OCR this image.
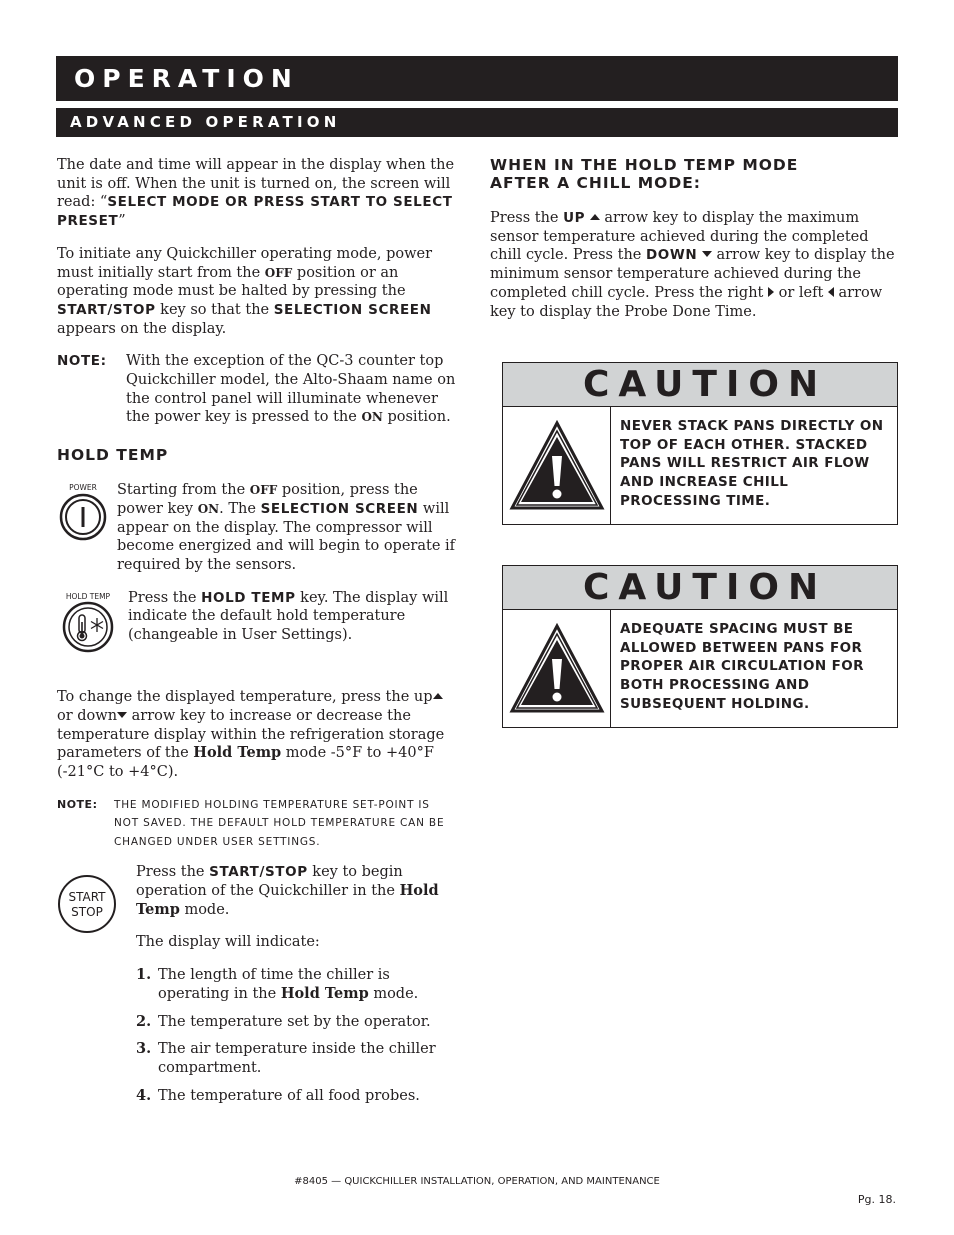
OPERATION
ADVANCED OPERATION

The date and time will appear in the display when the unit is off. When the unit is turned on, the screen will read: “SELECT MODE OR PRESS START TO SELECT PRESET”

To initiate any Quickchiller operating mode, power must initially start from the OFF position or an operating mode must be halted by pressing the START/STOP key so that the SELECTION SCREEN appears on the display.

NOTE:	With the exception of the QC-3 counter top Quickchiller model, the Alto-Shaam name on the control panel will illuminate whenever the power key is pressed to the ON position.
HOLD TEMP
POWER Starting from the OFF position, press the power key ON. The SELECTION SCREEN will appear on the display. The compressor will become energized and will begin to operate if required by the sensors.

HOLD TEMP Press the HOLD TEMP key. The display will indicate the default hold temperature (changeable in User Settings).

To change the displayed temperature, press the up or down arrow key to increase or decrease the temperature display within the refrigeration storage parameters of the Hold Temp mode -5°F to +40°F (-21°C to +4°C).

NOTE:	THE MODIFIED HOLDING TEMPERATURE SET-POINT IS NOT SAVED. THE DEFAULT HOLD TEMPERATURE CAN BE CHANGED UNDER USER SETTINGS.
START
STOP

Press the START/STOP key to begin operation of the Quickchiller in the Hold Temp mode.

The display will indicate:

1. The length of time the chiller is operating in the Hold Temp mode.
2. The temperature set by the operator.
3. The air temperature inside the chiller compartment.
4. The temperature of all food probes.
WHEN IN THE HOLD TEMP MODE AFTER A CHILL MODE:

Press the UP  arrow key to display the maximum sensor temperature achieved during the completed chill cycle. Press the DOWN  arrow key to display the minimum sensor temperature achieved during the completed chill cycle. Press the right  or left  arrow key to display the Probe Done Time.

CAUTION
NEVER STACK PANS DIRECTLY ON TOP OF EACH OTHER. STACKED PANS WILL RESTRICT AIR FLOW AND INCREASE CHILL PROCESSING TIME.
CAUTION
ADEQUATE SPACING MUST BE ALLOWED BETWEEN PANS FOR PROPER AIR CIRCULATION FOR BOTH PROCESSING AND SUBSEQUENT HOLDING.
#8405 — QUICKCHILLER INSTALLATION, OPERATION, AND MAINTENANCE
Pg. 18.
